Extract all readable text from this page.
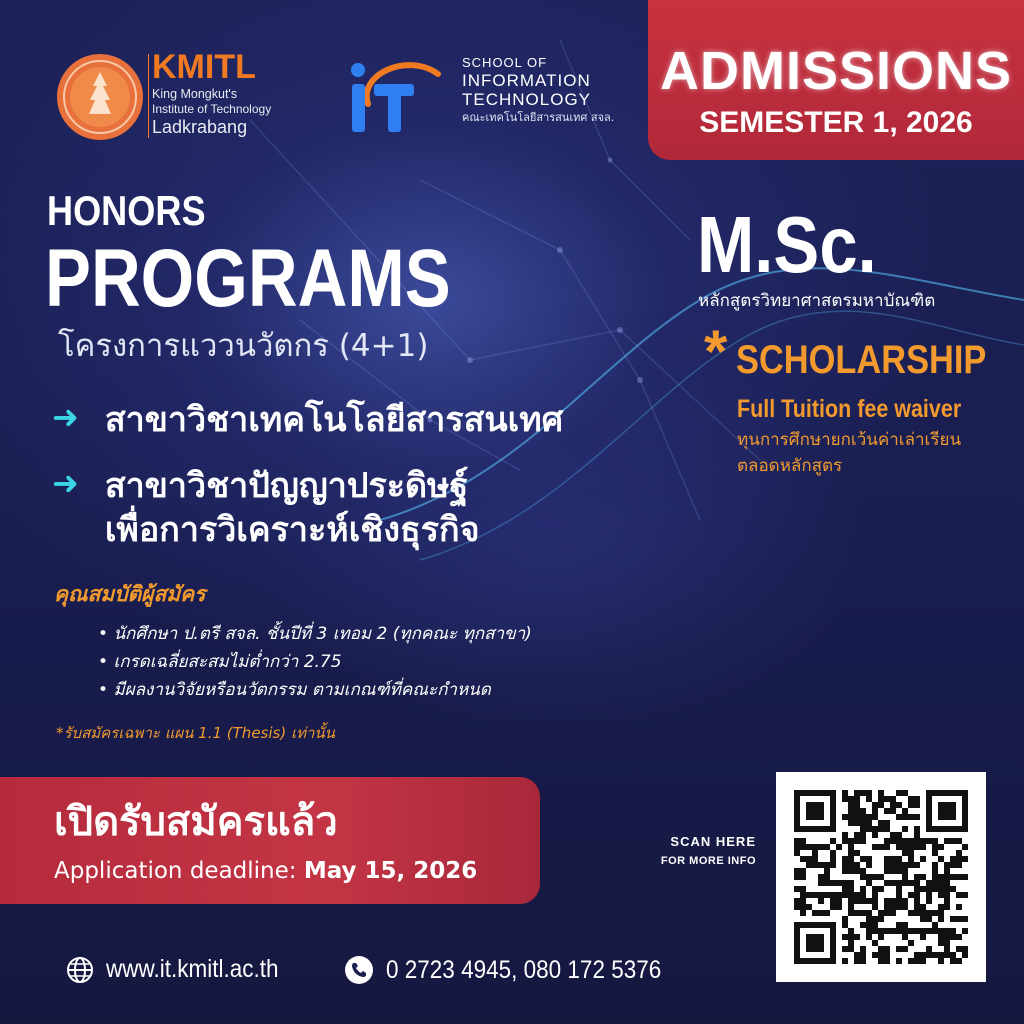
KMITL
King Mongkut's
Institute of Technology
Ladkrabang
SCHOOL OF
INFORMATION
TECHNOLOGY
คณะเทคโนโลยีสารสนเทศ สจล.
ADMISSIONS
SEMESTER 1, 2026
HONORS
PROGRAMS
โครงการแววนวัตกร (4+1)
➜ สาขาวิชาเทคโนโลยีสารสนเทศ
➜ สาขาวิชาปัญญาประดิษฐ์
เพื่อการวิเคราะห์เชิงธุรกิจ
คุณสมบัติผู้สมัคร
• นักศึกษา ป.ตรี สจล. ชั้นปีที่ 3 เทอม 2 (ทุกคณะ ทุกสาขา)
• เกรดเฉลี่ยสะสมไม่ต่ำกว่า 2.75
• มีผลงานวิจัยหรือนวัตกรรม ตามเกณฑ์ที่คณะกำหนด
*รับสมัครเฉพาะ แผน 1.1 (Thesis) เท่านั้น
M.Sc.
หลักสูตรวิทยาศาสตรมหาบัณฑิต
* SCHOLARSHIP
Full Tuition fee waiver
ทุนการศึกษายกเว้นค่าเล่าเรียน
ตลอดหลักสูตร
เปิดรับสมัครแล้ว
Application deadline: May 15, 2026
SCAN HERE
FOR MORE INFO
www.it.kmitl.ac.th	0 2723 4945, 080 172 5376
